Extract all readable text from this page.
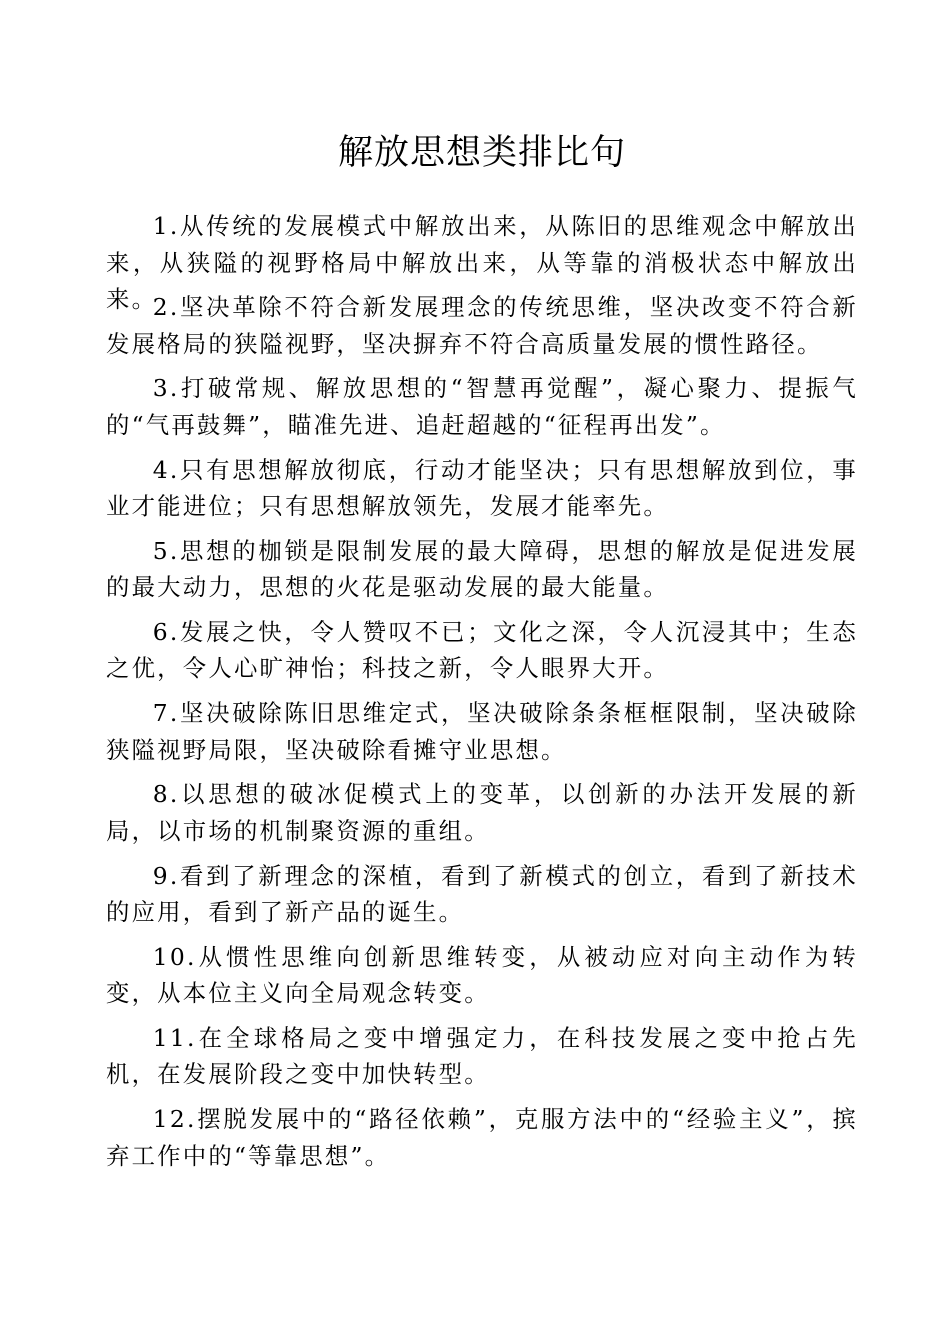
解放思想类排比句

1.从传统的发展模式中解放出来，从陈旧的思维观念中解放出来，从狭隘的视野格局中解放出来，从等靠的消极状态中解放出来。

2.坚决革除不符合新发展理念的传统思维，坚决改变不符合新发展格局的狭隘视野，坚决摒弃不符合高质量发展的惯性路径。

3.打破常规、解放思想的“智慧再觉醒”，凝心聚力、提振气的“气再鼓舞”，瞄准先进、追赶超越的“征程再出发”。

4.只有思想解放彻底，行动才能坚决；只有思想解放到位，事业才能进位；只有思想解放领先，发展才能率先。

5.思想的枷锁是限制发展的最大障碍，思想的解放是促进发展的最大动力，思想的火花是驱动发展的最大能量。

6.发展之快，令人赞叹不已；文化之深，令人沉浸其中；生态之优，令人心旷神怡；科技之新，令人眼界大开。

7.坚决破除陈旧思维定式，坚决破除条条框框限制，坚决破除狭隘视野局限，坚决破除看摊守业思想。

8.以思想的破冰促模式上的变革，以创新的办法开发展的新局，以市场的机制聚资源的重组。

9.看到了新理念的深植，看到了新模式的创立，看到了新技术的应用，看到了新产品的诞生。

10.从惯性思维向创新思维转变，从被动应对向主动作为转变，从本位主义向全局观念转变。

11.在全球格局之变中增强定力，在科技发展之变中抢占先机，在发展阶段之变中加快转型。

12.摆脱发展中的“路径依赖”，克服方法中的“经验主义”，摈弃工作中的“等靠思想”。
